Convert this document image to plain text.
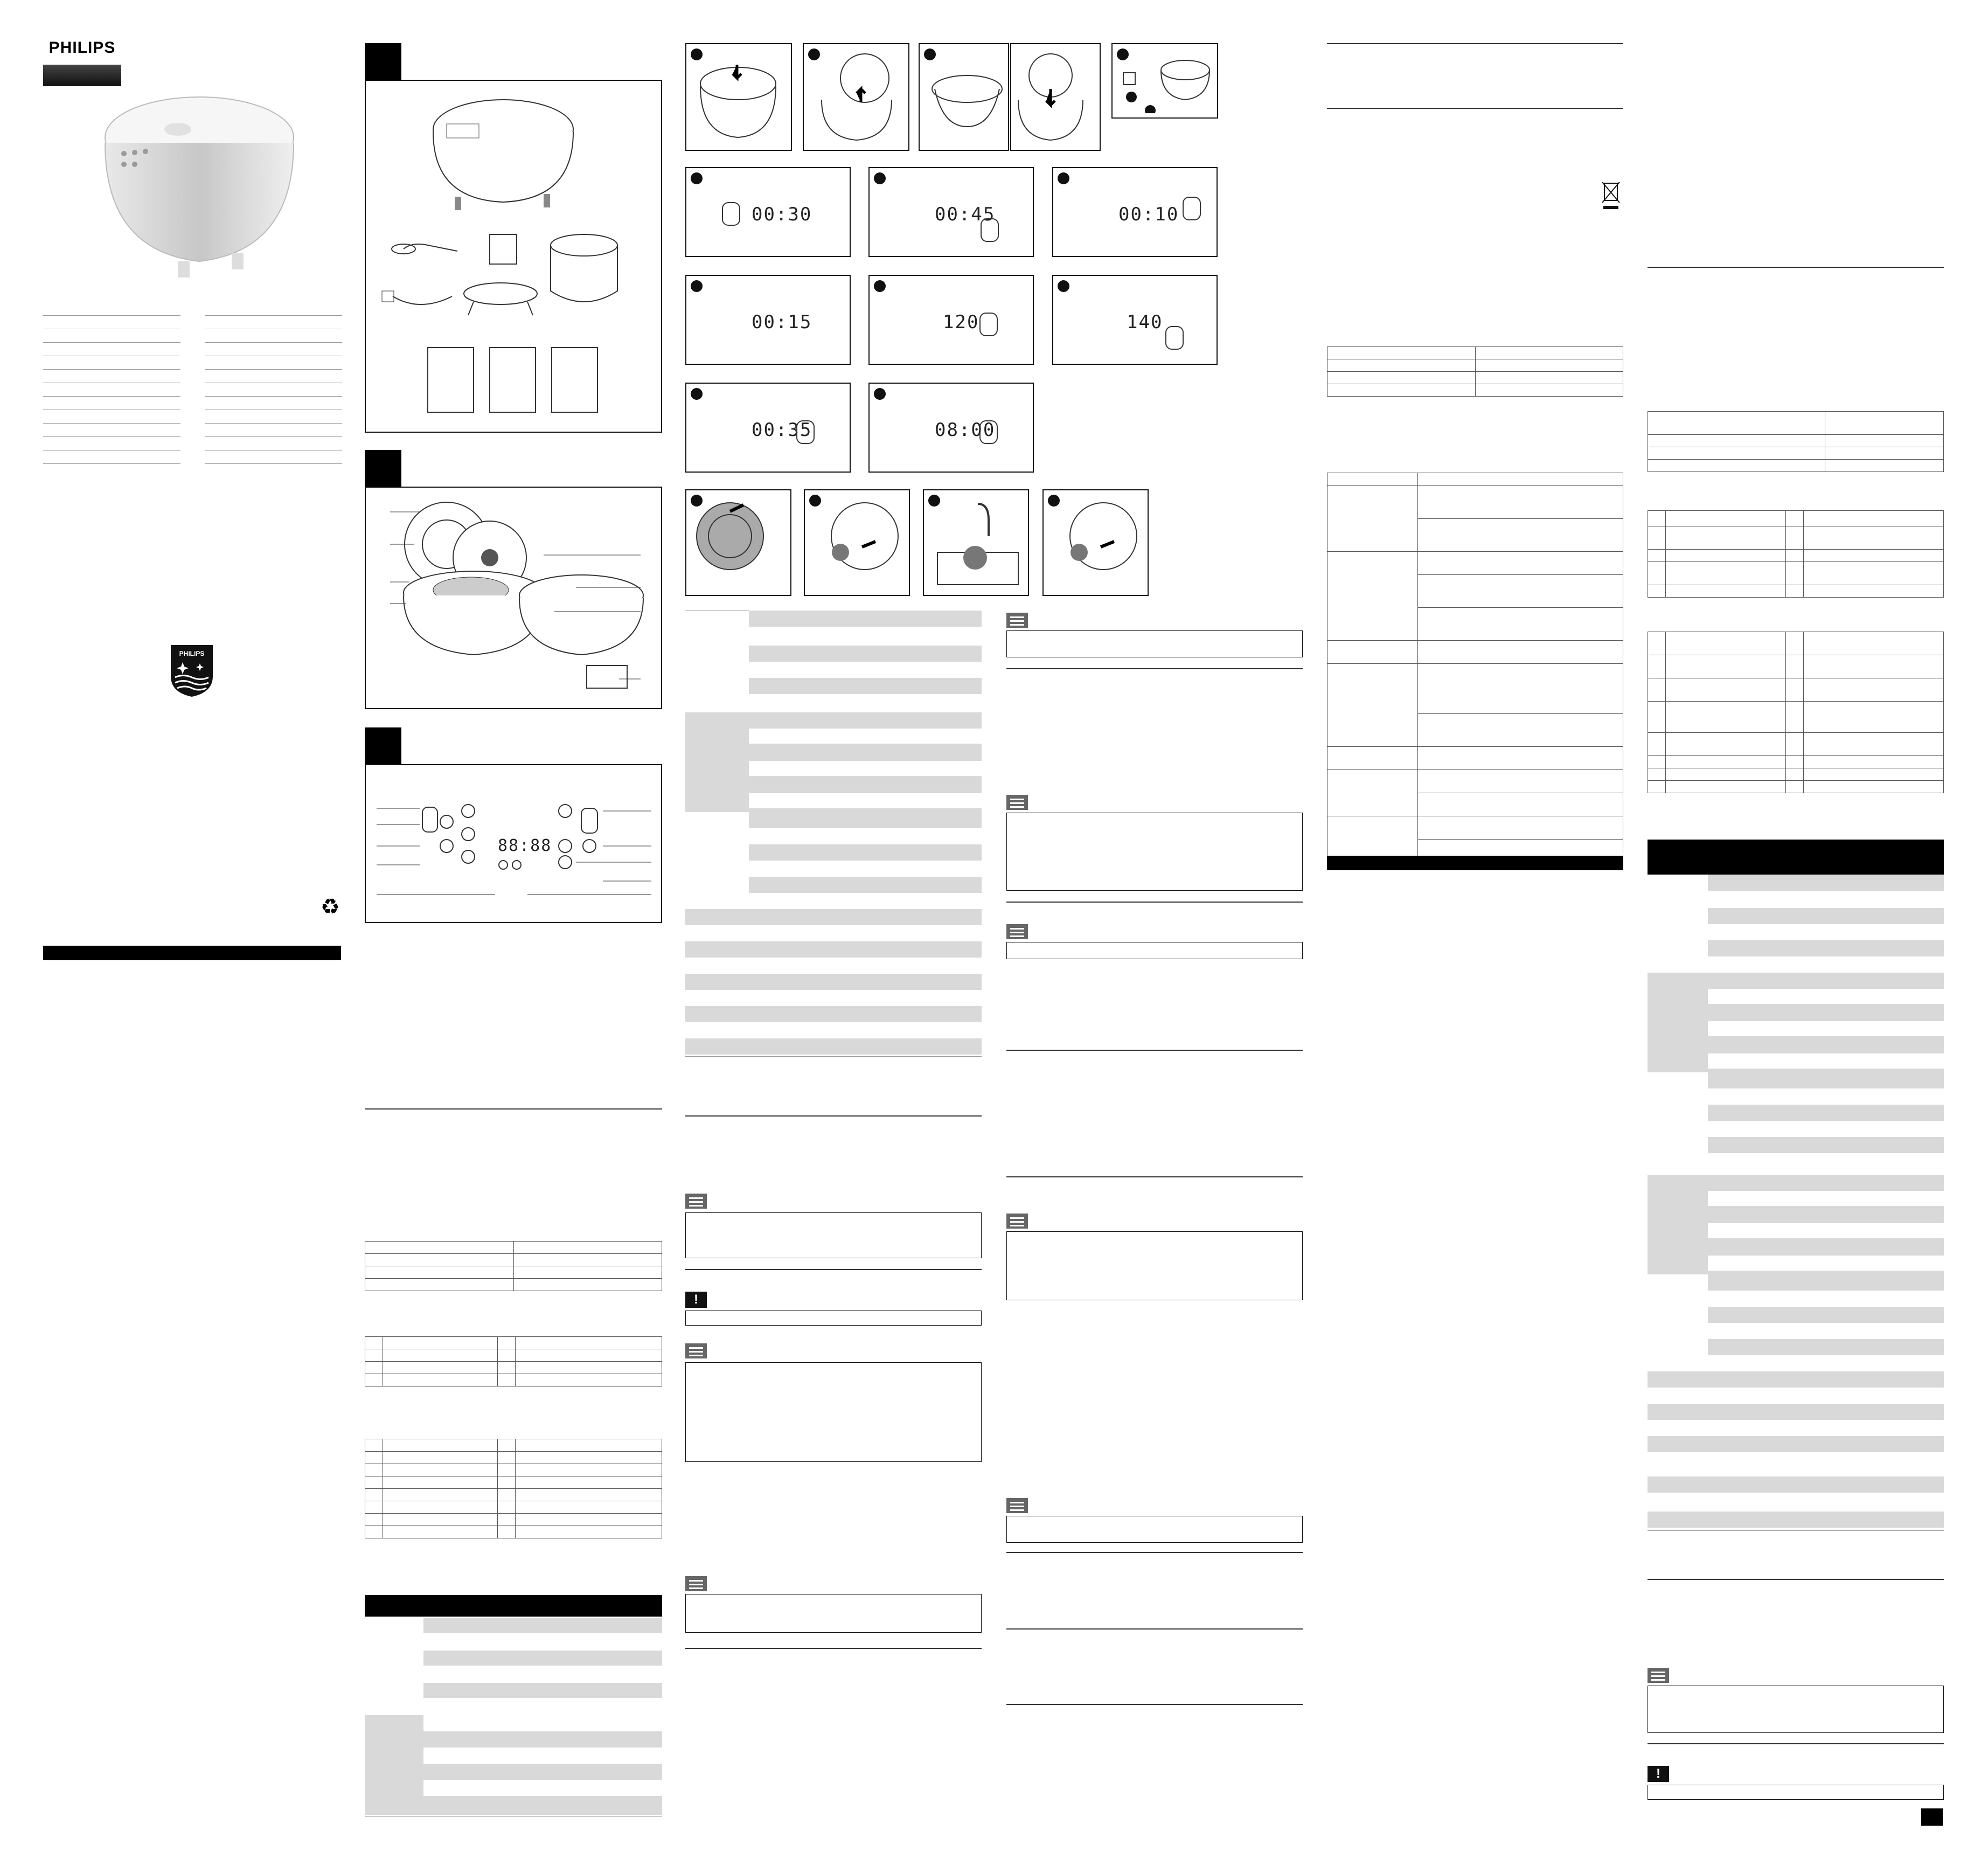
PHILIPS
PHILIPS
♻
88:88

00:30	00:45	00:10
00:15	120	140
00:35	08:00
!

!
